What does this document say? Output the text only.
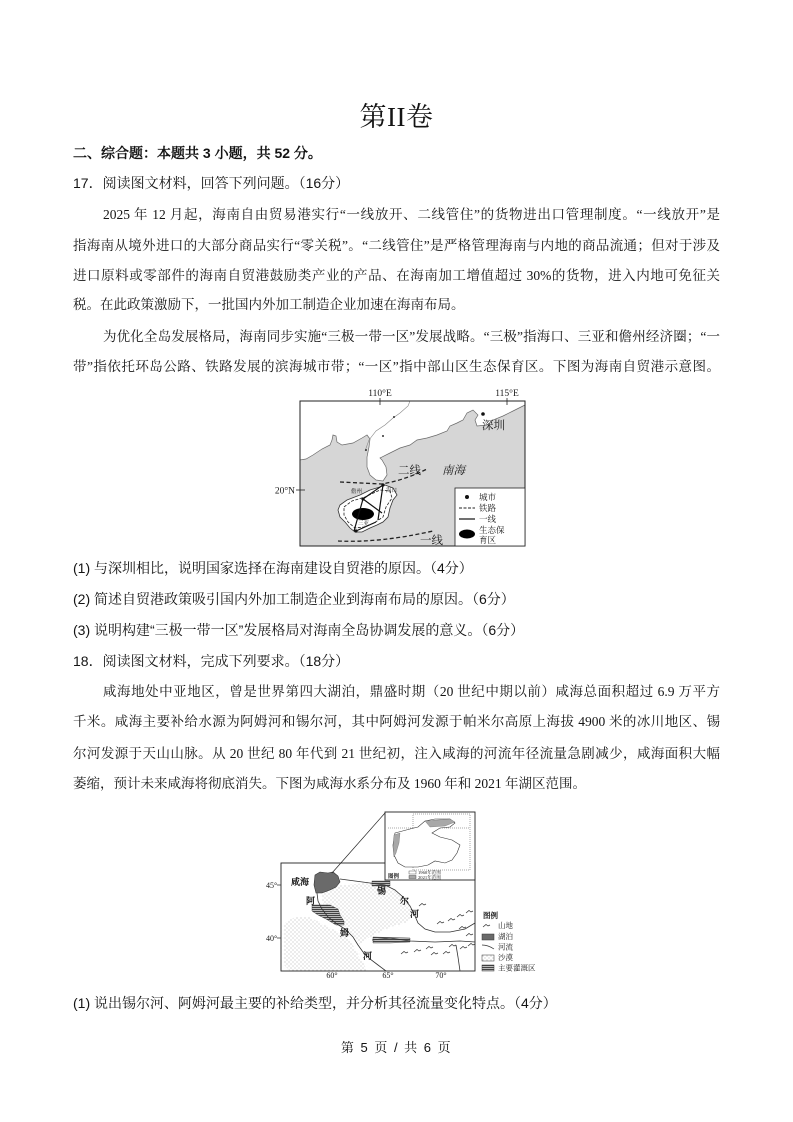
第II卷
二、综合题：本题共 3 小题，共 52 分。
17．阅读图文材料，回答下列问题。（16分）
2025 年 12 月起，海南自由贸易港实行“一线放开、二线管住”的货物进出口管理制度。“一线放开”是
指海南从境外进口的大部分商品实行“零关税”。“二线管住”是严格管理海南与内地的商品流通；但对于涉及
进口原料或零部件的海南自贸港鼓励类产业的产品、在海南加工增值超过 30%的货物，进入内地可免征关
税。在此政策激励下，一批国内外加工制造企业加速在海南布局。
为优化全岛发展格局，海南同步实施“三极一带一区”发展战略。“三极”指海口、三亚和儋州经济圈；“一
带”指依托环岛公路、铁路发展的滨海城市带；“一区”指中部山区生态保育区。下图为海南自贸港示意图。
110°E	115°E
20°N
深圳
二线 南海
儋州	海口
三亚
一线
城市
铁路
一线
生态保
育区
(1) 与深圳相比，说明国家选择在海南建设自贸港的原因。（4分）
(2) 简述自贸港政策吸引国内外加工制造企业到海南布局的原因。（6分）
(3) 说明构建“三极一带一区”发展格局对海南全岛协调发展的意义。（6分）
18．阅读图文材料，完成下列要求。（18分）
咸海地处中亚地区，曾是世界第四大湖泊，鼎盛时期（20 世纪中期以前）咸海总面积超过 6.9 万平方
千米。咸海主要补给水源为阿姆河和锡尔河，其中阿姆河发源于帕米尔高原上海拔 4900 米的冰川地区、锡
尔河发源于天山山脉。从 20 世纪 80 年代到 21 世纪初，注入咸海的河流年径流量急剧减少，咸海面积大幅
萎缩，预计未来咸海将彻底消失。下图为咸海水系分布及 1960 年和 2021 年湖区范围。
咸海
锡
尔
河
阿
姆
河
45°
40°
60°	65°	70°
图例
1960年范围
2021年范围
图例
山地
湖泊
河流
沙漠
主要灌溉区
(1) 说出锡尔河、阿姆河最主要的补给类型，并分析其径流量变化特点。（4分）
第 5 页 / 共 6 页
